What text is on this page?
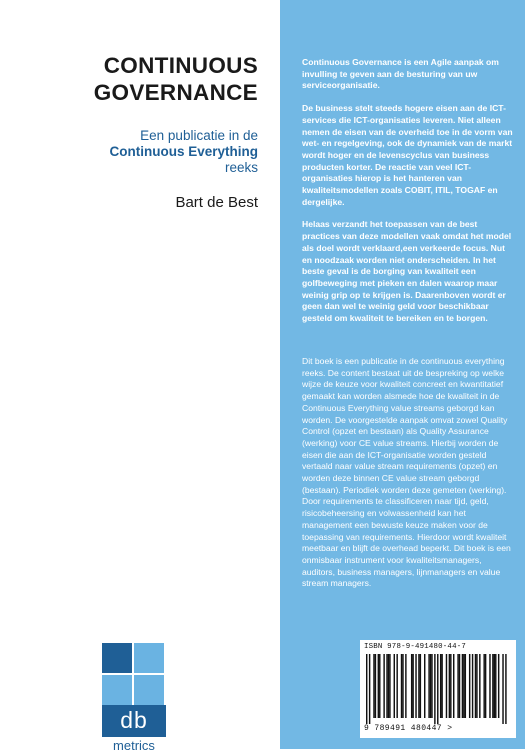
CONTINUOUS
GOVERNANCE
Een publicatie in de
Continuous Everything
reeks
Bart de Best
db
metrics

Continuous Governance is een Agile aanpak om invulling te geven aan de besturing van uw serviceorganisatie.

De business stelt steeds hogere eisen aan de ICT-services die ICT-organisaties leveren. Niet alleen nemen de eisen van de overheid toe in de vorm van wet- en regelgeving, ook de dynamiek van de markt wordt hoger en de levenscyclus van business producten korter. De reactie van veel ICT-organisaties hierop is het hanteren van kwaliteitsmodellen zoals COBIT, ITIL, TOGAF en dergelijke.

Helaas verzandt het toepassen van de best practices van deze modellen vaak omdat het model als doel wordt verklaard,een verkeerde focus. Nut en noodzaak worden niet onderscheiden. In het beste geval is de borging van kwaliteit een golfbeweging met pieken en dalen waarop maar weinig grip op te krijgen is. Daarenboven wordt er geen dan wel te weinig geld voor beschikbaar gesteld om kwaliteit te bereiken en te borgen.

Dit boek is een publicatie in de continuous everything reeks. De content bestaat uit de bespreking op welke wijze de keuze voor kwaliteit concreet en kwantitatief gemaakt kan worden alsmede hoe de kwaliteit in de Continuous Everything value streams geborgd kan worden. De voorgestelde aanpak omvat zowel Quality Control (opzet en bestaan) als Quality Assurance (werking) voor CE value streams. Hierbij worden de eisen die aan de ICT-organisatie worden gesteld vertaald naar value stream requirements (opzet) en worden deze binnen CE value stream geborgd (bestaan). Periodiek worden deze gemeten (werking). Door requirements te classificeren naar tijd, geld, risicobeheersing en volwassenheid kan het management een bewuste keuze maken voor de toepassing van requirements. Hierdoor wordt kwaliteit meetbaar en blijft de overhead beperkt. Dit boek is een onmisbaar instrument voor kwaliteitsmanagers, auditors, business managers, lijnmanagers en value stream managers.

ISBN 978-9-491480-44-7
9 789491 480447 >
